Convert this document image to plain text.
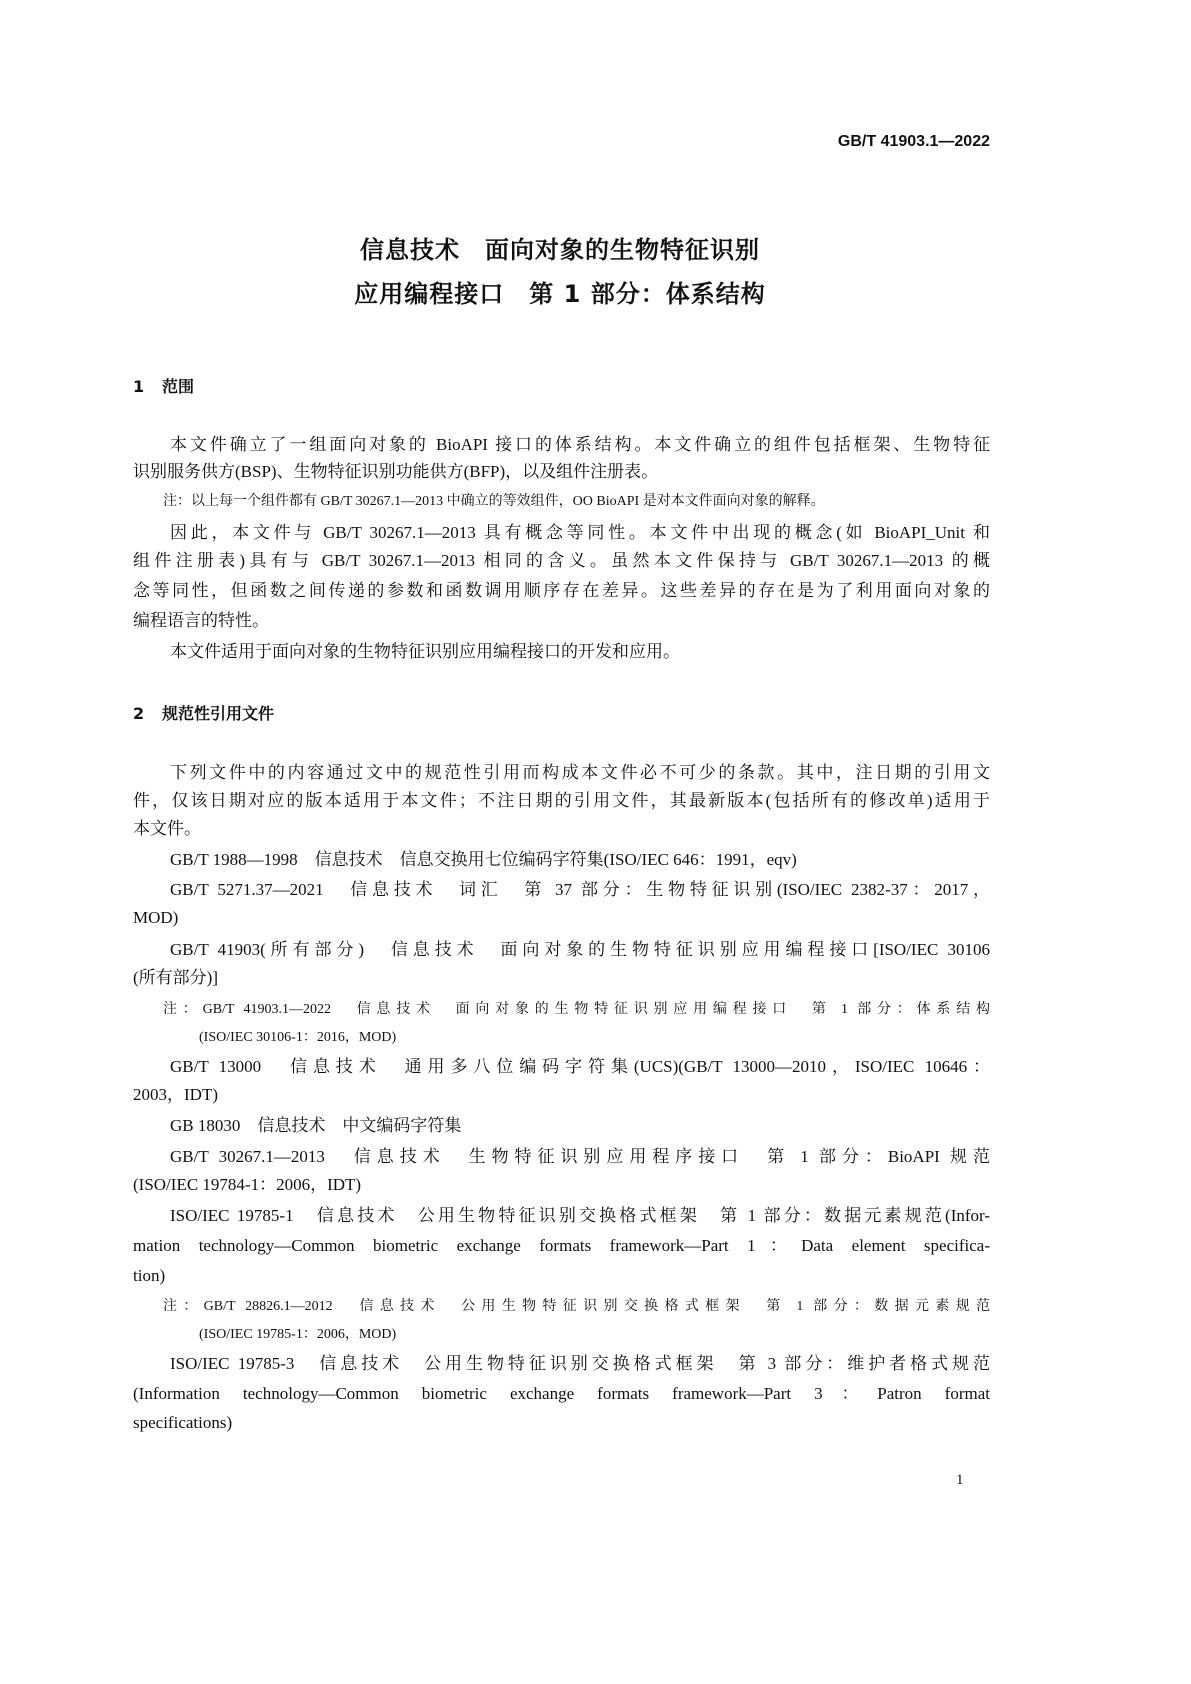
GB/T 41903.1—2022
信息技术　面向对象的生物特征识别
应用编程接口　第 1 部分：体系结构
1 范围
本文件确立了一组面向对象的 BioAPI 接口的体系结构。本文件确立的组件包括框架、生物特征
识别服务供方(BSP)、生物特征识别功能供方(BFP)，以及组件注册表。
注：以上每一个组件都有 GB/T 30267.1—2013 中确立的等效组件，OO BioAPI 是对本文件面向对象的解释。
因此，本文件与 GB/T 30267.1—2013 具有概念等同性。本文件中出现的概念(如 BioAPI_Unit 和
组件注册表)具有与 GB/T 30267.1—2013 相同的含义。虽然本文件保持与 GB/T 30267.1—2013 的概
念等同性，但函数之间传递的参数和函数调用顺序存在差异。这些差异的存在是为了利用面向对象的
编程语言的特性。
本文件适用于面向对象的生物特征识别应用编程接口的开发和应用。
2 规范性引用文件
下列文件中的内容通过文中的规范性引用而构成本文件必不可少的条款。其中，注日期的引用文
件，仅该日期对应的版本适用于本文件；不注日期的引用文件，其最新版本(包括所有的修改单)适用于
本文件。
GB/T 1988—1998　信息技术　信息交换用七位编码字符集(ISO/IEC 646：1991，eqv)
GB/T 5271.37—2021　信息技术　词汇　第 37 部分：生物特征识别(ISO/IEC 2382-37：2017，
MOD)
GB/T 41903(所有部分)　信息技术　面向对象的生物特征识别应用编程接口[ISO/IEC 30106
(所有部分)]
注：GB/T 41903.1—2022　信息技术　面向对象的生物特征识别应用编程接口　第 1 部分：体系结构
(ISO/IEC 30106-1：2016，MOD)
GB/T 13000　信息技术　通用多八位编码字符集(UCS)(GB/T 13000—2010，ISO/IEC 10646：
2003，IDT)
GB 18030　信息技术　中文编码字符集
GB/T 30267.1—2013　信息技术　生物特征识别应用程序接口　第 1 部分：BioAPI 规范
(ISO/IEC 19784-1：2006，IDT)
ISO/IEC 19785-1　信息技术　公用生物特征识别交换格式框架　第 1 部分：数据元素规范(Infor-
mation technology—Common biometric exchange formats framework—Part 1：Data element specifica-
tion)
注：GB/T 28826.1—2012　信息技术　公用生物特征识别交换格式框架　第 1 部分：数据元素规范
(ISO/IEC 19785-1：2006，MOD)
ISO/IEC 19785-3　信息技术　公用生物特征识别交换格式框架　第 3 部分：维护者格式规范
(Information technology—Common biometric exchange formats framework—Part 3：Patron format
specifications)
1
